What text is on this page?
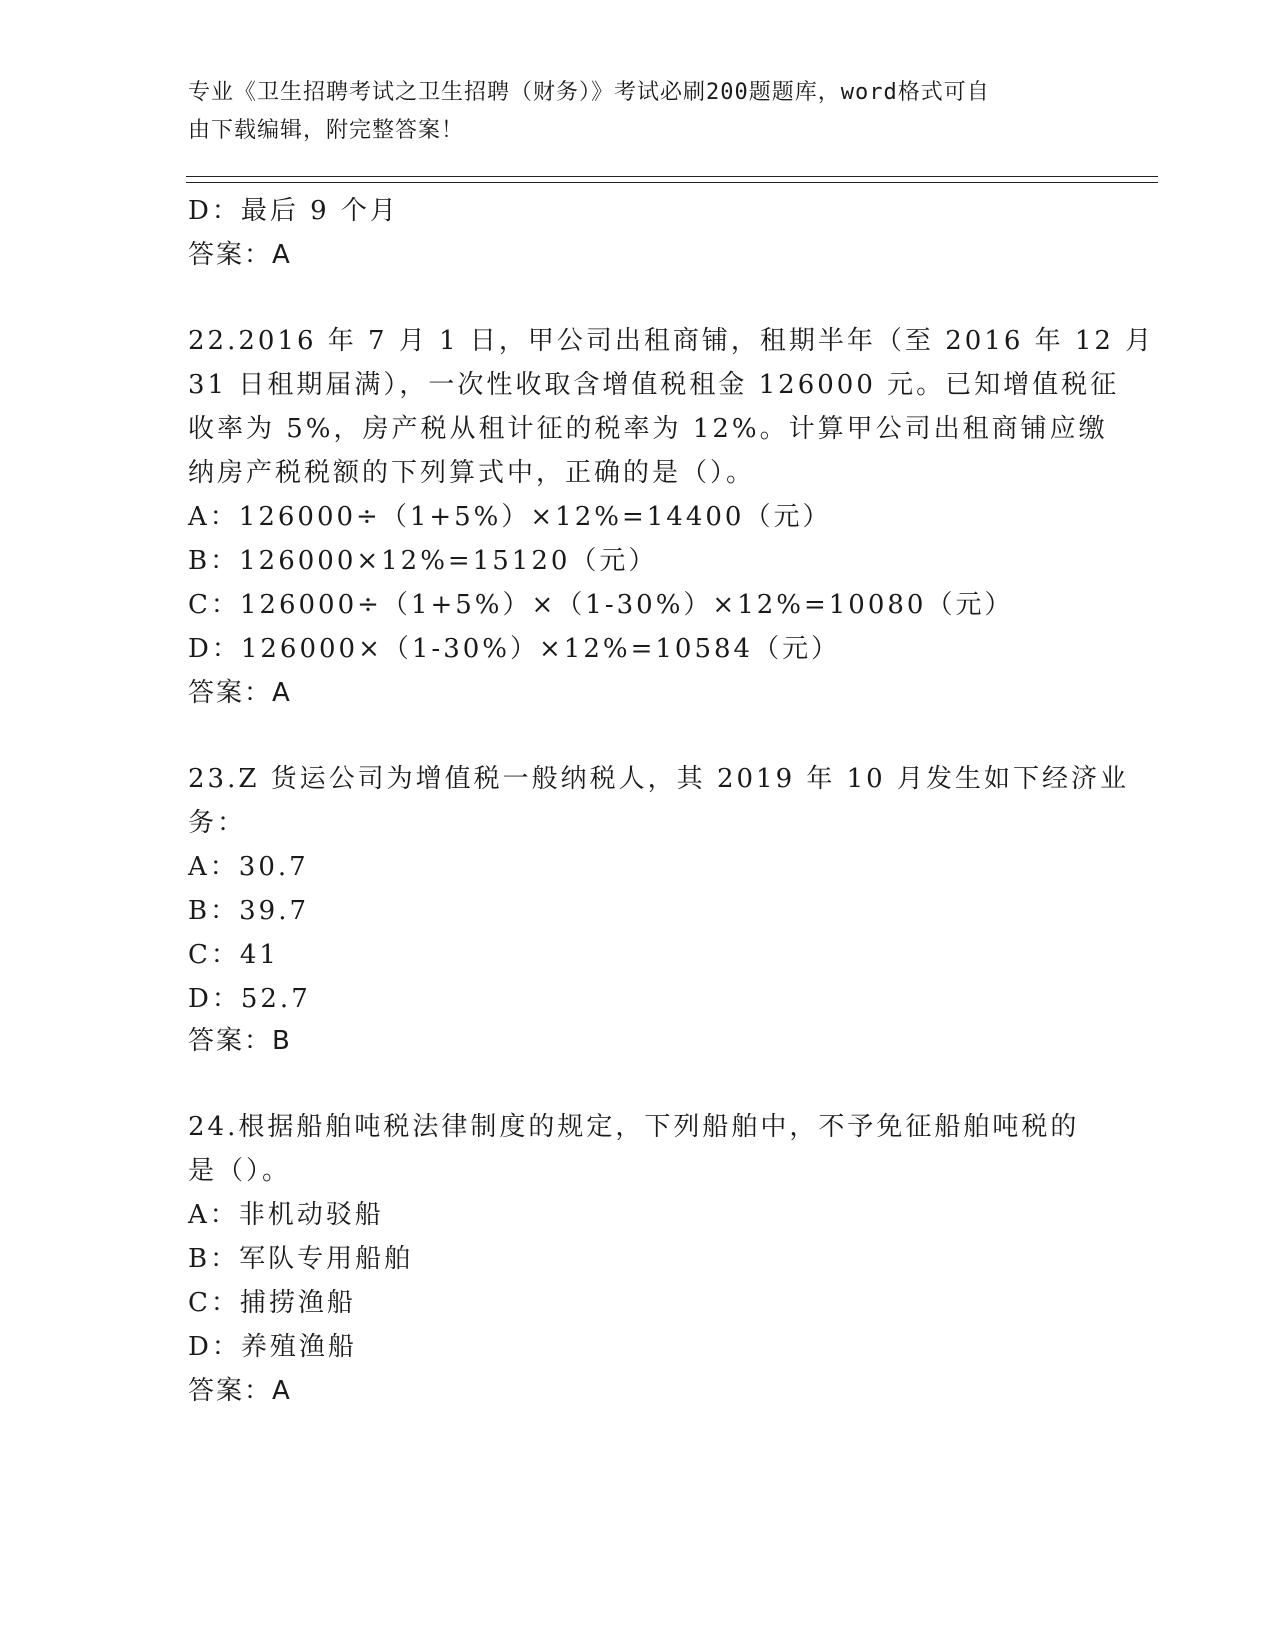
专业《卫生招聘考试之卫生招聘（财务）》考试必刷200题题库，word格式可自
由下载编辑，附完整答案！
D：最后 9 个月
答案：A
22.2016 年 7 月 1 日，甲公司出租商铺，租期半年（至 2016 年 12 月
31 日租期届满），一次性收取含增值税租金 126000 元。已知增值税征
收率为 5%，房产税从租计征的税率为 12%。计算甲公司出租商铺应缴
纳房产税税额的下列算式中，正确的是（）。
A：126000÷（1+5%）×12%=14400（元）
B：126000×12%=15120（元）
C：126000÷（1+5%）×（1-30%）×12%=10080（元）
D：126000×（1-30%）×12%=10584（元）
答案：A
23.Z 货运公司为增值税一般纳税人，其 2019 年 10 月发生如下经济业
务：
A：30.7
B：39.7
C：41
D：52.7
答案：B
24.根据船舶吨税法律制度的规定，下列船舶中，不予免征船舶吨税的
是（）。
A：非机动驳船
B：军队专用船舶
C：捕捞渔船
D：养殖渔船
答案：A
